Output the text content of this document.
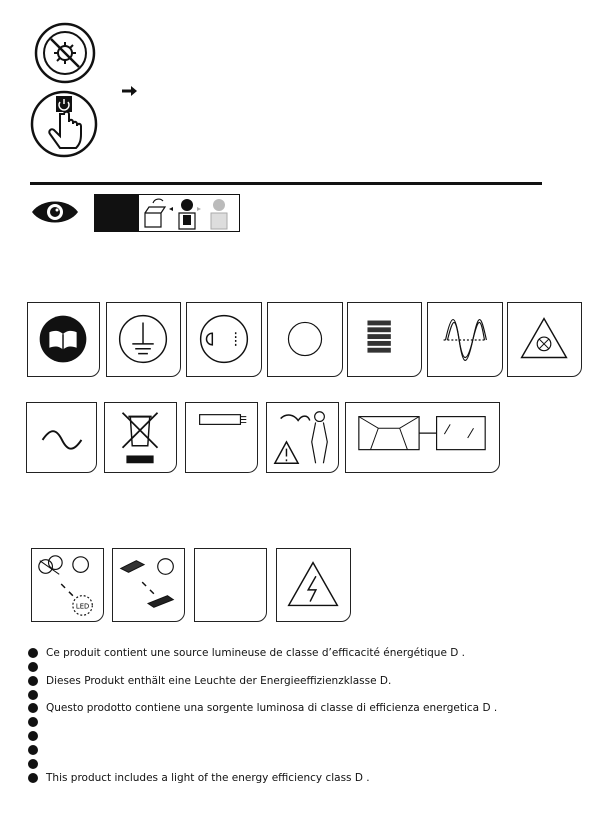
LED
Ce produit contient une source lumineuse de classe d’efficacité énergétique D .
Dieses Produkt enthält eine Leuchte der Energieeffizienzklasse D.
Questo prodotto contiene una sorgente luminosa di classe di efficienza energetica D .
This product includes a light of the energy efficiency class D .
